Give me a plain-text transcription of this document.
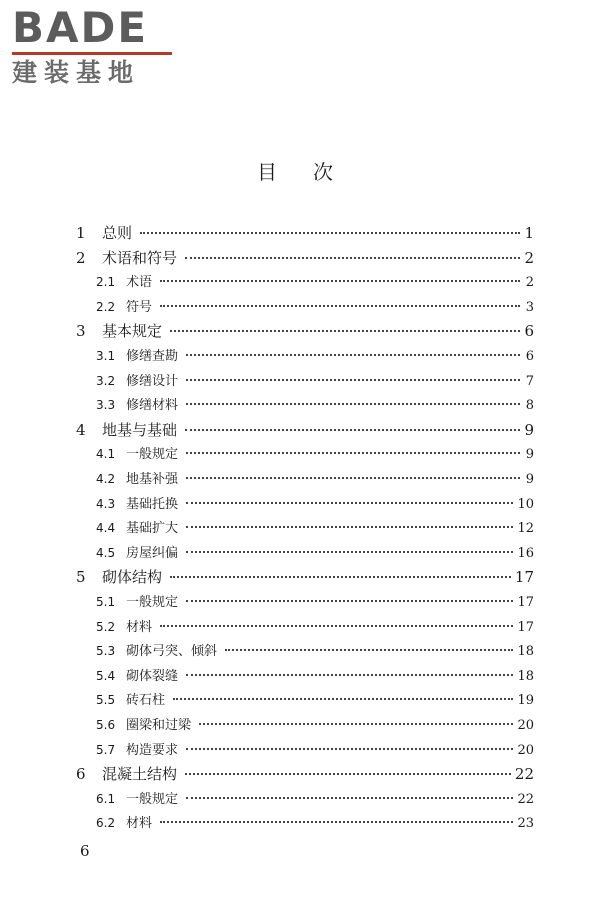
BADE
建装基地
目次
1	总则	1
2	术语和符号	2
2.1 术语	2
2.2 符号	3
3	基本规定	6
3.1 修缮查勘	6
3.2 修缮设计	7
3.3 修缮材料	8
4	地基与基础	9
4.1 一般规定	9
4.2 地基补强	9
4.3 基础托换	10
4.4 基础扩大	12
4.5 房屋纠偏	16
5	砌体结构	17
5.1 一般规定	17
5.2 材料	17
5.3 砌体弓突、倾斜	18
5.4 砌体裂缝	18
5.5 砖石柱	19
5.6 圈梁和过梁	20
5.7 构造要求	20
6	混凝土结构	22
6.1 一般规定	22
6.2 材料	23
6
